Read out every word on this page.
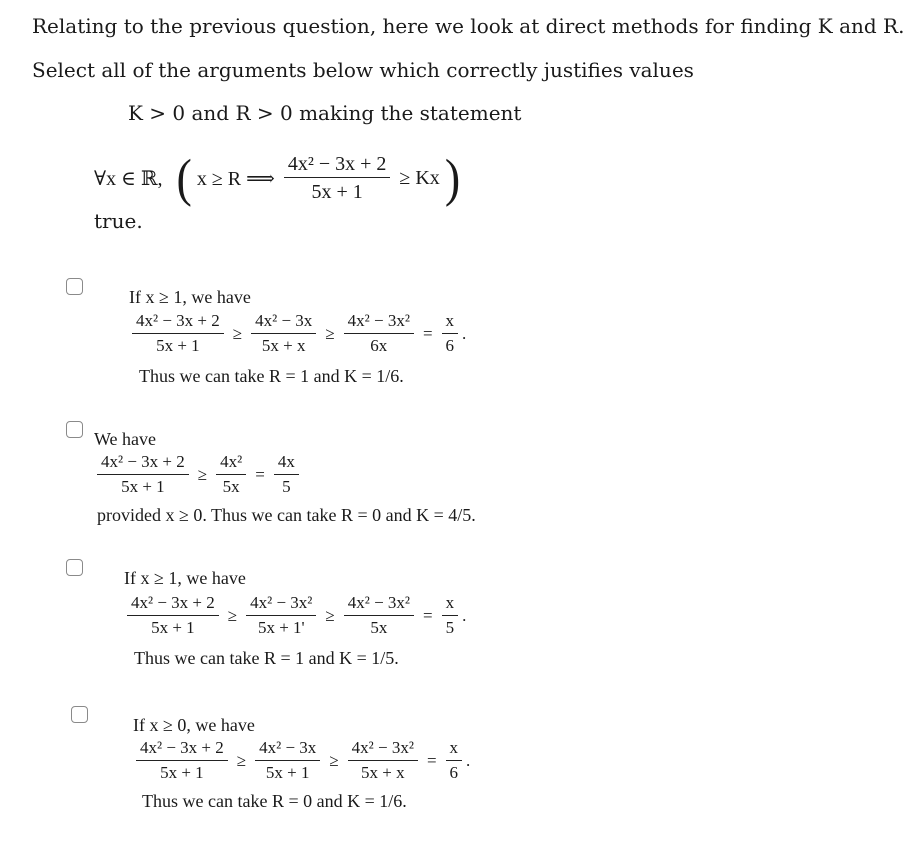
Relating to the previous question, here we look at direct methods for finding K and R.
Select all of the arguments below which correctly justifies values
K > 0 and R > 0 making the statement
∀x ∈ ℝ, ( x ≥ R ⟹ $\frac{\text{4x² − 3x + 2}}{5x + 1} \ge Kx$ )
true.
If x ≥ 1, we have
$\frac{\text{4x² − 3x + 2}}{5x + 1} \ge \frac{\text{4x² − 3x}}{5x + x} \ge \frac{\text{4x² − 3x²}}{6x} = \frac{x}{6}$ .
Thus we can take R = 1 and K = 1/6.
We have
$\frac{\text{4x² − 3x + 2}}{5x + 1} \ge \frac{\text{4x²}}{5x} = \frac{4x}{5}$
provided x ≥ 0. Thus we can take R = 0 and K = 4/5.
If x ≥ 1, we have
$\frac{\text{4x² − 3x + 2}}{5x + 1} \ge \frac{\text{4x² − 3x²}}{5x + 1'} \ge \frac{\text{4x² − 3x²}}{5x} = \frac{x}{5}$ .
Thus we can take R = 1 and K = 1/5.
If x ≥ 0, we have
$\frac{\text{4x² − 3x + 2}}{5x + 1} \ge \frac{\text{4x² − 3x}}{5x + 1} \ge \frac{\text{4x² − 3x²}}{5x + x} = \frac{x}{6}$ .
Thus we can take R = 0 and K = 1/6.
